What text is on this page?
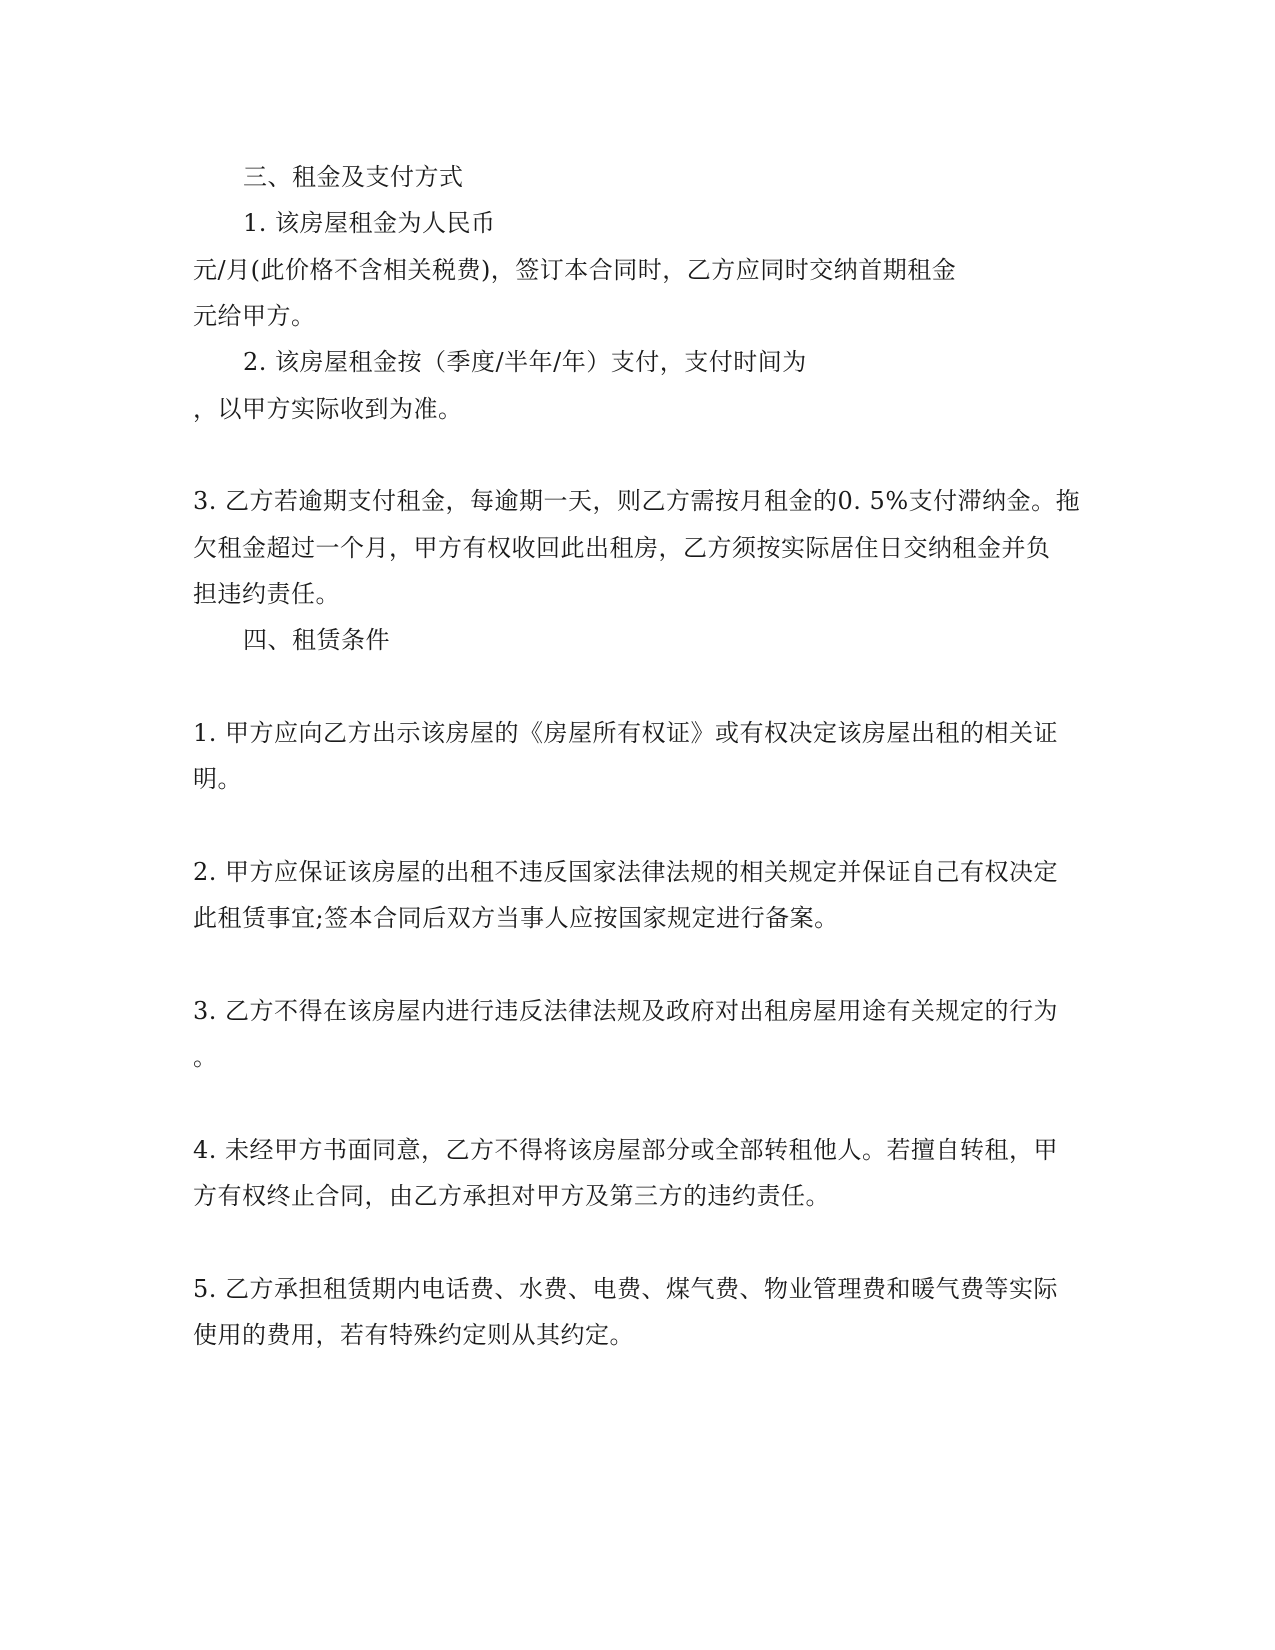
三、租金及支付方式
1. 该房屋租金为人民币
元/月(此价格不含相关税费)，签订本合同时，乙方应同时交纳首期租金
元给甲方。
2. 该房屋租金按（季度/半年/年）支付，支付时间为
，以甲方实际收到为准。
3. 乙方若逾期支付租金，每逾期一天，则乙方需按月租金的0. 5%支付滞纳金。拖
欠租金超过一个月，甲方有权收回此出租房，乙方须按实际居住日交纳租金并负
担违约责任。
四、租赁条件
1. 甲方应向乙方出示该房屋的《房屋所有权证》或有权决定该房屋出租的相关证
明。
2. 甲方应保证该房屋的出租不违反国家法律法规的相关规定并保证自己有权决定
此租赁事宜;签本合同后双方当事人应按国家规定进行备案。
3. 乙方不得在该房屋内进行违反法律法规及政府对出租房屋用途有关规定的行为
。
4. 未经甲方书面同意，乙方不得将该房屋部分或全部转租他人。若擅自转租，甲
方有权终止合同，由乙方承担对甲方及第三方的违约责任。
5. 乙方承担租赁期内电话费、水费、电费、煤气费、物业管理费和暖气费等实际
使用的费用，若有特殊约定则从其约定。
